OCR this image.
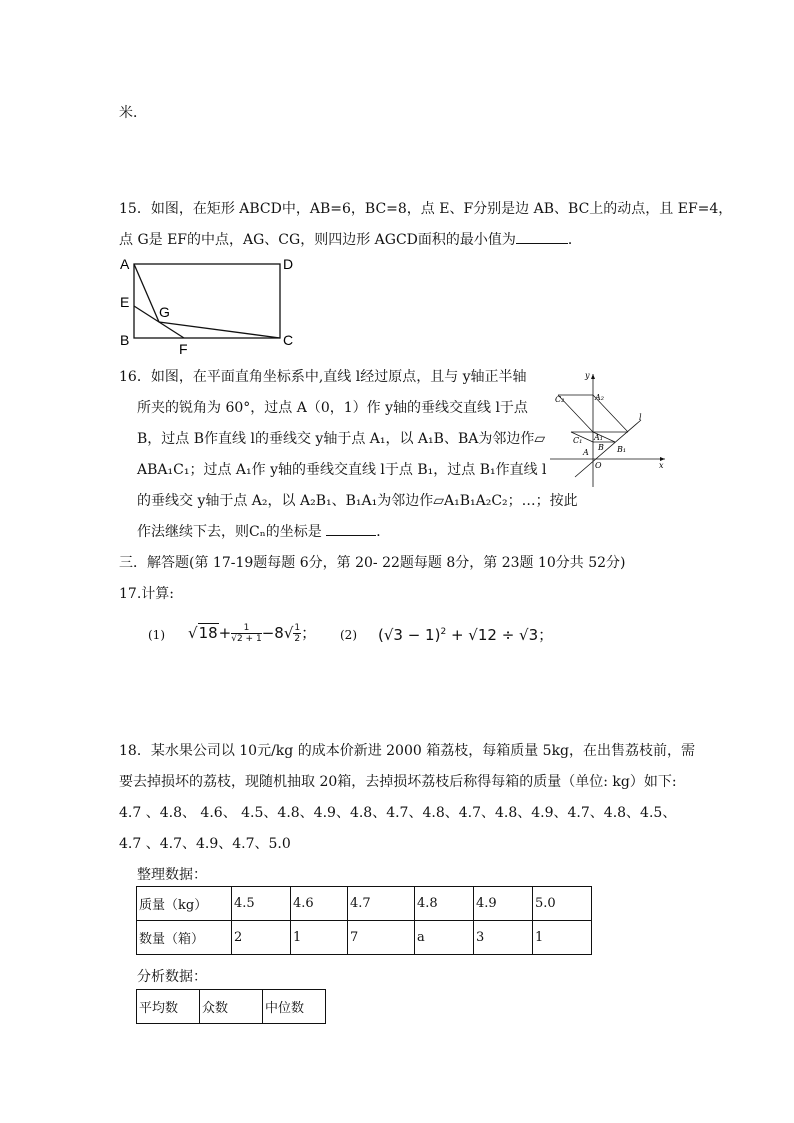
米．
15．如图，在矩形 ABCD中，AB=6，BC=8，点 E、F分别是边 AB、BC上的动点，且 EF=4，
点 G是 EF的中点，AG、CG，则四边形 AGCD面积的最小值为	．
A	D
E
G
B
F
C
16．如图，在平面直角坐标系中,直线 l经过原点，且与 y轴正半轴
所夹的锐角为 60°，过点 A（0，1）作 y轴的垂线交直线 l于点
B，过点 B作直线 l的垂线交 y轴于点 A₁，以 A₁B、BA为邻边作▱
ABA₁C₁；过点 A₁作 y轴的垂线交直线 l于点 B₁，过点 B₁作直线 l
的垂线交 y轴于点 A₂，以 A₂B₁、B₁A₁为邻边作▱A₁B₁A₂C₂；…；按此
作法继续下去，则Cₙ的坐标是	．
y
x
l
O
A
B
A₁
B₁
C₁
A₂
C₂
三．解答题(第 17-19题每题 6分，第 20- 22题每题 8分，第 23题 10分共 52分)
17.计算:
(1) $√18+ \frac{1}{√2 + 1} -8√ \frac{1}{2}$ ； (2) $(√3 - 1)^2 + √12 \div √3$；
18．某水果公司以 10元/kg 的成本价新进 2000 箱荔枝，每箱质量 5kg，在出售荔枝前，需
要去掉损坏的荔枝，现随机抽取 20箱，去掉损坏荔枝后称得每箱的质量（单位: kg）如下:
4.7 、4.8、 4.6、 4.5、4.8、4.9、4.8、4.7、4.8、4.7、4.8、4.9、4.7、4.8、4.5、
4.7 、4.7、4.9、4.7、5.0
整理数据：
质量（kg）	4.5	4.6	4.7	4.8	4.9	5.0
数量（箱）	2	1	7	a	3	1
分析数据：
平均数	众数	中位数
